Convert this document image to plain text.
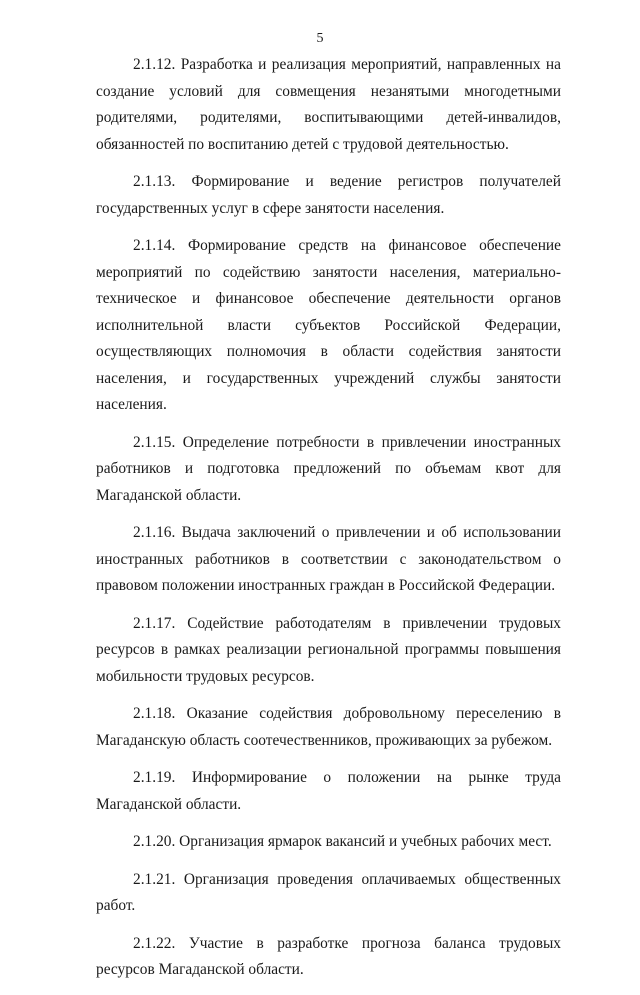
5

2.1.12. Разработка и реализация мероприятий, направленных на создание условий для совмещения незанятыми многодетными родителями, родителями, воспитывающими детей-инвалидов, обязанностей по воспитанию детей с трудовой деятельностью.

2.1.13. Формирование и ведение регистров получателей государственных услуг в сфере занятости населения.

2.1.14. Формирование средств на финансовое обеспечение мероприятий по содействию занятости населения, материально-техническое и финансовое обеспечение деятельности органов исполнительной власти субъектов Российской Федерации, осуществляющих полномочия в области содействия занятости населения, и государственных учреждений службы занятости населения.

2.1.15. Определение потребности в привлечении иностранных работников и подготовка предложений по объемам квот для Магаданской области.

2.1.16. Выдача заключений о привлечении и об использовании иностранных работников в соответствии с законодательством о правовом положении иностранных граждан в Российской Федерации.

2.1.17. Содействие работодателям в привлечении трудовых ресурсов в рамках реализации региональной программы повышения мобильности трудовых ресурсов.

2.1.18. Оказание содействия добровольному переселению в Магаданскую область соотечественников, проживающих за рубежом.

2.1.19. Информирование о положении на рынке труда Магаданской области.

2.1.20. Организация ярмарок вакансий и учебных рабочих мест.

2.1.21. Организация проведения оплачиваемых общественных работ.

2.1.22. Участие в разработке прогноза баланса трудовых ресурсов Магаданской области.
